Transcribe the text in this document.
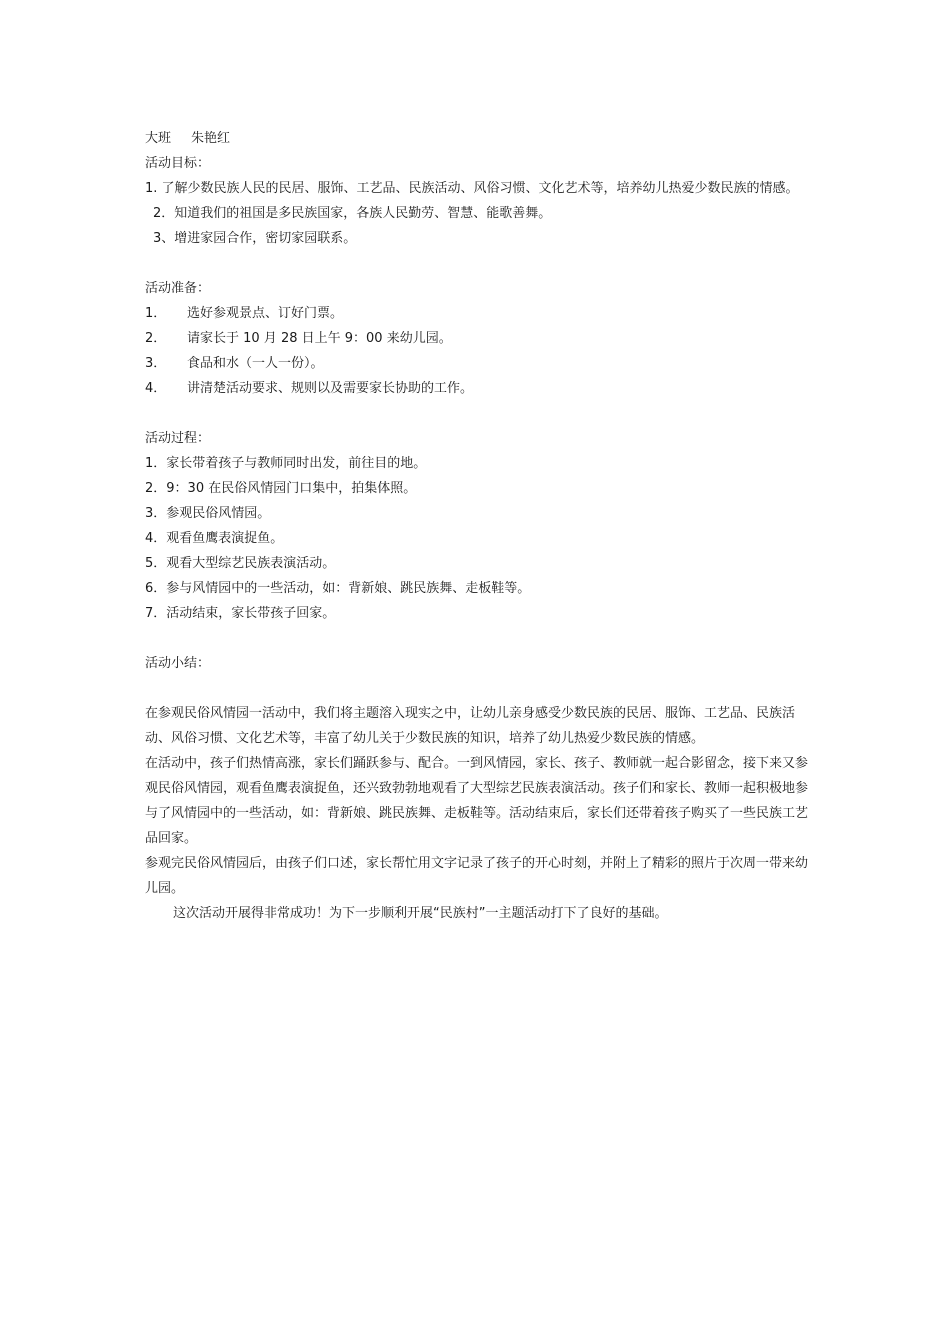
大班 朱艳红
活动目标：
1. 了解少数民族人民的民居、服饰、工艺品、民族活动、风俗习惯、文化艺术等，培养幼儿热爱少数民族的情感。
2．知道我们的祖国是多民族国家，各族人民勤劳、智慧、能歌善舞。
3、增进家园合作，密切家园联系。
活动准备：
1． 选好参观景点、订好门票。
2． 请家长于 10 月 28 日上午 9：00 来幼儿园。
3． 食品和水（一人一份）。
4． 讲清楚活动要求、规则以及需要家长协助的工作。
活动过程：
1．家长带着孩子与教师同时出发，前往目的地。
2．9：30 在民俗风情园门口集中，拍集体照。
3．参观民俗风情园。
4．观看鱼鹰表演捉鱼。
5．观看大型综艺民族表演活动。
6．参与风情园中的一些活动，如：背新娘、跳民族舞、走板鞋等。
7．活动结束，家长带孩子回家。
活动小结：
在参观民俗风情园一活动中，我们将主题溶入现实之中，让幼儿亲身感受少数民族的民居、服饰、工艺品、民族活动、风俗习惯、文化艺术等，丰富了幼儿关于少数民族的知识，培养了幼儿热爱少数民族的情感。
在活动中，孩子们热情高涨，家长们踊跃参与、配合。一到风情园，家长、孩子、教师就一起合影留念，接下来又参观民俗风情园，观看鱼鹰表演捉鱼，还兴致勃勃地观看了大型综艺民族表演活动。孩子们和家长、教师一起积极地参与了风情园中的一些活动，如：背新娘、跳民族舞、走板鞋等。活动结束后，家长们还带着孩子购买了一些民族工艺品回家。
参观完民俗风情园后，由孩子们口述，家长帮忙用文字记录了孩子的开心时刻，并附上了精彩的照片于次周一带来幼儿园。
这次活动开展得非常成功！为下一步顺利开展“民族村”一主题活动打下了良好的基础。
